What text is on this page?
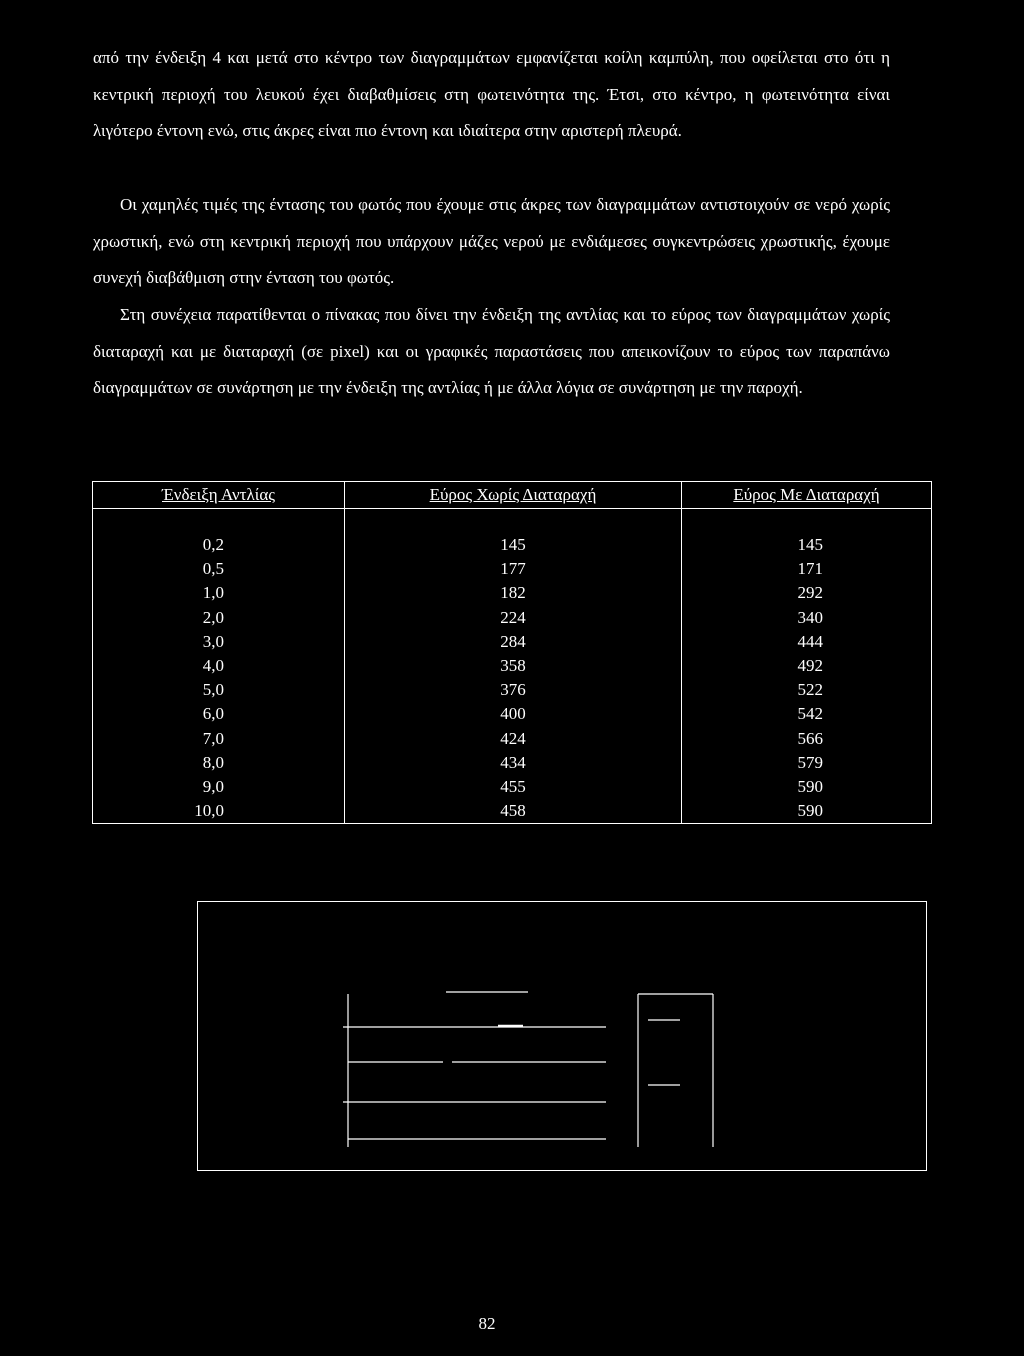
από την ένδειξη 4 και μετά στο κέντρο των διαγραμμάτων εμφανίζεται κοίλη καμπύλη, που οφείλεται στο ότι η κεντρική περιοχή του λευκού έχει διαβαθμίσεις στη φωτεινότητα της. Έτσι, στο κέντρο, η φωτεινότητα είναι λιγότερο έντονη ενώ, στις άκρες είναι πιο έντονη και ιδιαίτερα στην αριστερή πλευρά.

Οι χαμηλές τιμές της έντασης του φωτός που έχουμε στις άκρες των διαγραμμάτων αντιστοιχούν σε νερό χωρίς χρωστική, ενώ στη κεντρική περιοχή που υπάρχουν μάζες νερού με ενδιάμεσες συγκεντρώσεις χρωστικής, έχουμε συνεχή διαβάθμιση στην ένταση του φωτός.

Στη συνέχεια παρατίθενται ο πίνακας που δίνει την ένδειξη της αντλίας και το εύρος των διαγραμμάτων χωρίς διαταραχή και με διαταραχή (σε pixel) και οι γραφικές παραστάσεις που απεικονίζουν το εύρος των παραπάνω διαγραμμάτων σε συνάρτηση με την ένδειξη της αντλίας ή με άλλα λόγια σε συνάρτηση με την παροχή.

Ένδειξη Αντλίας	Εύρος Χωρίς Διαταραχή	Εύρος Με Διαταραχή

0,2	145	145
0,5	177	171
1,0	182	292
2,0	224	340
3,0	284	444
4,0	358	492
5,0	376	522
6,0	400	542
7,0	424	566
8,0	434	579
9,0	455	590
10,0	458	590
82
